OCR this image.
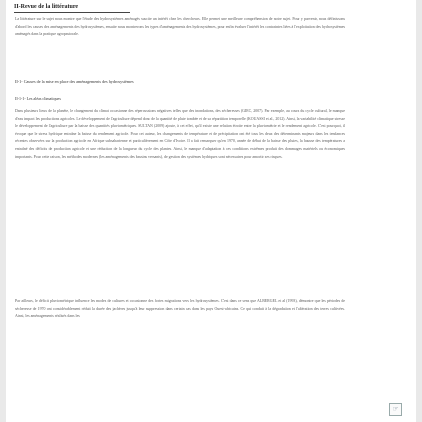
II-Revue de la littérature

La littérature sur le sujet nous montre que l'étude des hydrosystèmes aménagés suscite un intérêt chez les chercheurs. Elle permet une meilleure compréhension de notre sujet. Pour y parvenir, nous définissons d'abord les causes des aménagements des hydrosystèmes, ensuite nous montrerons les types d'aménagements des hydrosystèmes, pour enfin évaluer l'intérêt les contraintes liées à l'exploitation des hydrosystèmes aménagés dans la pratique agropastorale.

II-1- Causes de la mise en place des aménagements des hydrosystèmes

II-1-1- Les aléas climatiques

Dans plusieurs lieux de la planète, le changement du climat occasionne des répercussions négatives telles que des inondations, des sécheresses (GIEC, 2007). Par exemple, au cours du cycle cultural, le manque d'eau impact les productions agricoles. Le développement de l'agriculture dépend donc de la quantité de pluie tombée et de sa répartition temporelle (KOUASSI et al., 2012). Ainsi, la variabilité climatique stresse le développement de l'agriculture par la baisse des quantités pluviométriques. SULTAN (2009) ajoute, à cet effet, qu'il existe une relation étroite entre la pluviométrie et le rendement agricole. C'est pourquoi, il évoque que le stress hydrique entraîne la baisse du rendement agricole. Pour cet auteur, les changements de température et de précipitation ont été tous les deux des déterminants majeurs dans les tendances récentes observées sur la production agricole en Afrique subsaharienne et particulièrement en Côte d'Ivoire. Il a fait remarquer qu'en 1970, année de début de la baisse des pluies, la hausse des températures a entraîné des déficits de production agricole et une réduction de la longueur du cycle des plantes. Ainsi, le manque d'adaptation à ces conditions extrêmes produit des dommages matériels ou économiques importants. Pour cette raison, les méthodes modernes (les aménagements des bassins versants), de gestion des systèmes hydriques sont nécessaires pour amortir ses risques.

Par ailleurs, le déficit pluviométrique influence les modes de cultures et occasionne des fortes migrations vers les hydrosystèmes. C'est dans ce sens que ALBERGEL et al (1993), démontre que les périodes de sécheresse de 1970 ont considérablement réduit la durée des jachères jusqu'à leur suppression dans certain cas dans les pays Ouest-africains. Ce qui conduit à la dégradation et l'altération des terres cultivées. Ainsi, les aménagements réalisés dans les

☞
